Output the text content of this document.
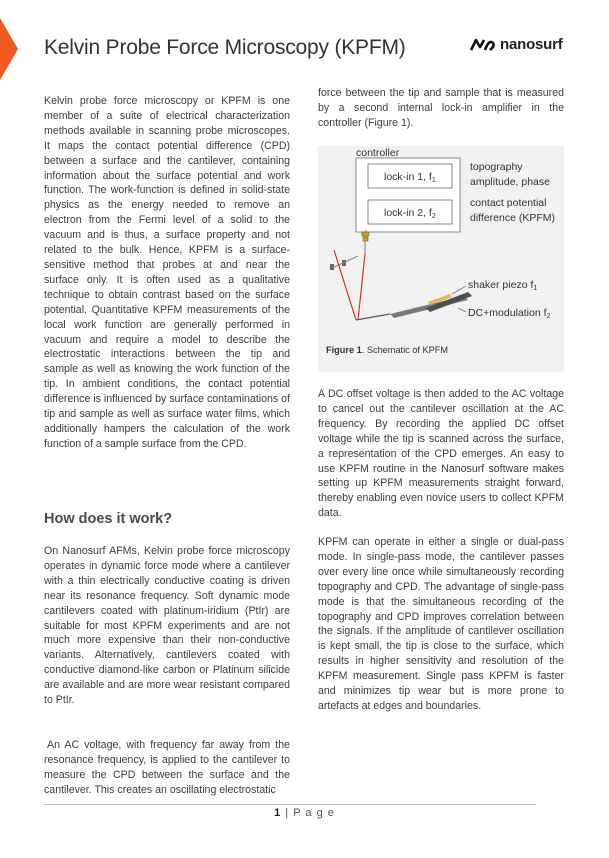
Kelvin Probe Force Microscopy (KPFM)	nanosurf

Kelvin probe force microscopy or KPFM is one member of a suite of electrical characterization methods available in scanning probe microscopes. It maps the contact potential difference (CPD) between a surface and the cantilever, containing information about the surface potential and work function. The work-function is defined in solid-state physics as the energy needed to remove an electron from the Fermi level of a solid to the vacuum and is thus, a surface property and not related to the bulk. Hence, KPFM is a surface-sensitive method that probes at and near the surface only. It is often used as a qualitative technique to obtain contrast based on the surface potential. Quantitative KPFM measurements of the local work function are generally performed in vacuum and require a model to describe the electrostatic interactions between the tip and sample as well as knowing the work function of the tip. In ambient conditions, the contact potential difference is influenced by surface contaminations of tip and sample as well as surface water films, which additionally hampers the calculation of the work function of a sample surface from the CPD.

How does it work?

On Nanosurf AFMs, Kelvin probe force microscopy operates in dynamic force mode where a cantilever with a thin electrically conductive coating is driven near its resonance frequency. Soft dynamic mode cantilevers coated with platinum-iridium (PtIr) are suitable for most KPFM experiments and are not much more expensive than their non-conductive variants. Alternatively, cantilevers coated with conductive diamond-like carbon or Platinum silicide are available and are more wear resistant compared to PtIr.

An AC voltage, with frequency far away from the resonance frequency, is applied to the cantilever to measure the CPD between the surface and the cantilever. This creates an oscillating electrostatic

force between the tip and sample that is measured by a second internal lock-in amplifier in the controller (Figure 1).

controller
lock-in 1, f1
lock-in 2, f2
topography
amplitude, phase
contact potential
difference (KPFM)
shaker piezo f1
DC+modulation f2
Figure 1. Schematic of KPFM

A DC offset voltage is then added to the AC voltage to cancel out the cantilever oscillation at the AC frequency. By recording the applied DC offset voltage while the tip is scanned across the surface, a representation of the CPD emerges. An easy to use KPFM routine in the Nanosurf software makes setting up KPFM measurements straight forward, thereby enabling even novice users to collect KPFM data.

KPFM can operate in either a single or dual-pass mode. In single-pass mode, the cantilever passes over every line once while simultaneously recording topography and CPD. The advantage of single-pass mode is that the simultaneous recording of the topography and CPD improves correlation between the signals. If the amplitude of cantilever oscillation is kept small, the tip is close to the surface, which results in higher sensitivity and resolution of the KPFM measurement. Single pass KPFM is faster and minimizes tip wear but is more prone to artefacts at edges and boundaries.

1 | P a g e
